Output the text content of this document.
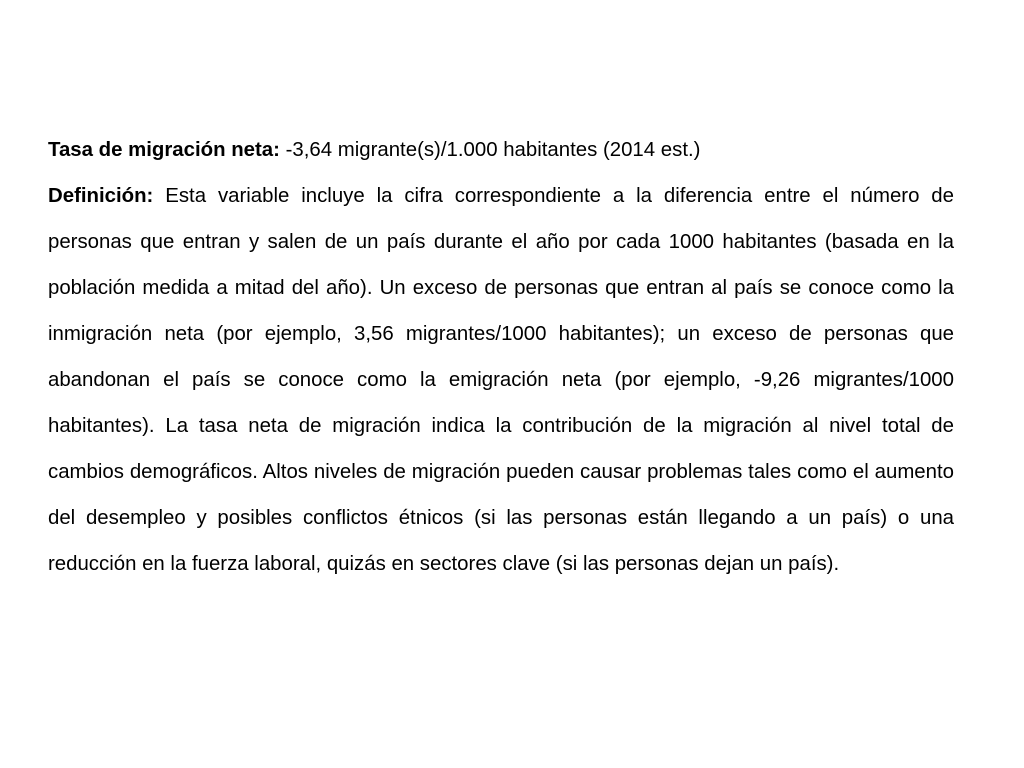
Tasa de migración neta: -3,64 migrante(s)/1.000 habitantes (2014 est.)

Definición: Esta variable incluye la cifra correspondiente a la diferencia entre el número de personas que entran y salen de un país durante el año por cada 1000 habitantes (basada en la población medida a mitad del año). Un exceso de personas que entran al país se conoce como la inmigración neta (por ejemplo, 3,56 migrantes/1000 habitantes); un exceso de personas que abandonan el país se conoce como la emigración neta (por ejemplo, -9,26 migrantes/1000 habitantes). La tasa neta de migración indica la contribución de la migración al nivel total de cambios demográficos. Altos niveles de migración pueden causar problemas tales como el aumento del desempleo y posibles conflictos étnicos (si las personas están llegando a un país) o una reducción en la fuerza laboral, quizás en sectores clave (si las personas dejan un país).
